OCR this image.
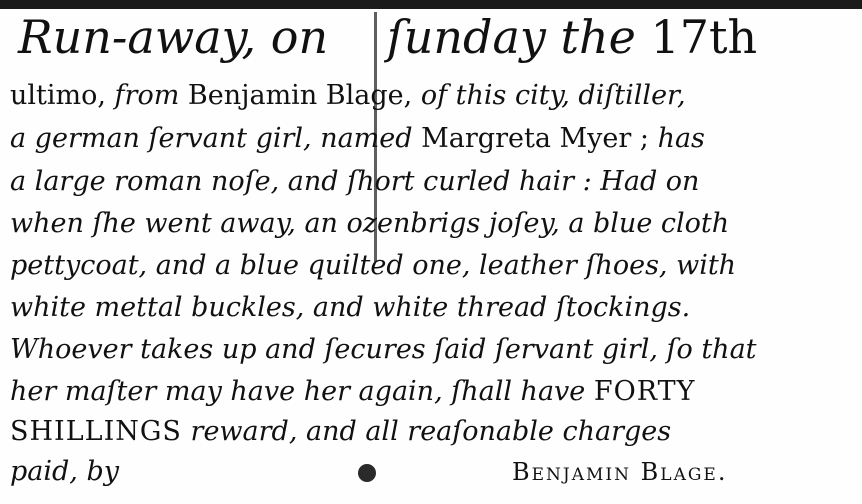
Run-away, on ſunday the 17th
ultimo, from Benjamin Blage, of this city, diſtiller,
a german ſervant girl, named Margreta Myer ; has
a large roman noſe, and ſhort curled hair : Had on
when ſhe went away, an ozenbrigs joſey, a blue cloth
pettycoat, and a blue quilted one, leather ſhoes, with
white mettal buckles, and white thread ſtockings.
Whoever takes up and ſecures ſaid ſervant girl, ſo that
her maſter may have her again, ſhall have FORTY
SHILLINGS reward, and all reaſonable charges
paid, by	Benjamin Blage.
